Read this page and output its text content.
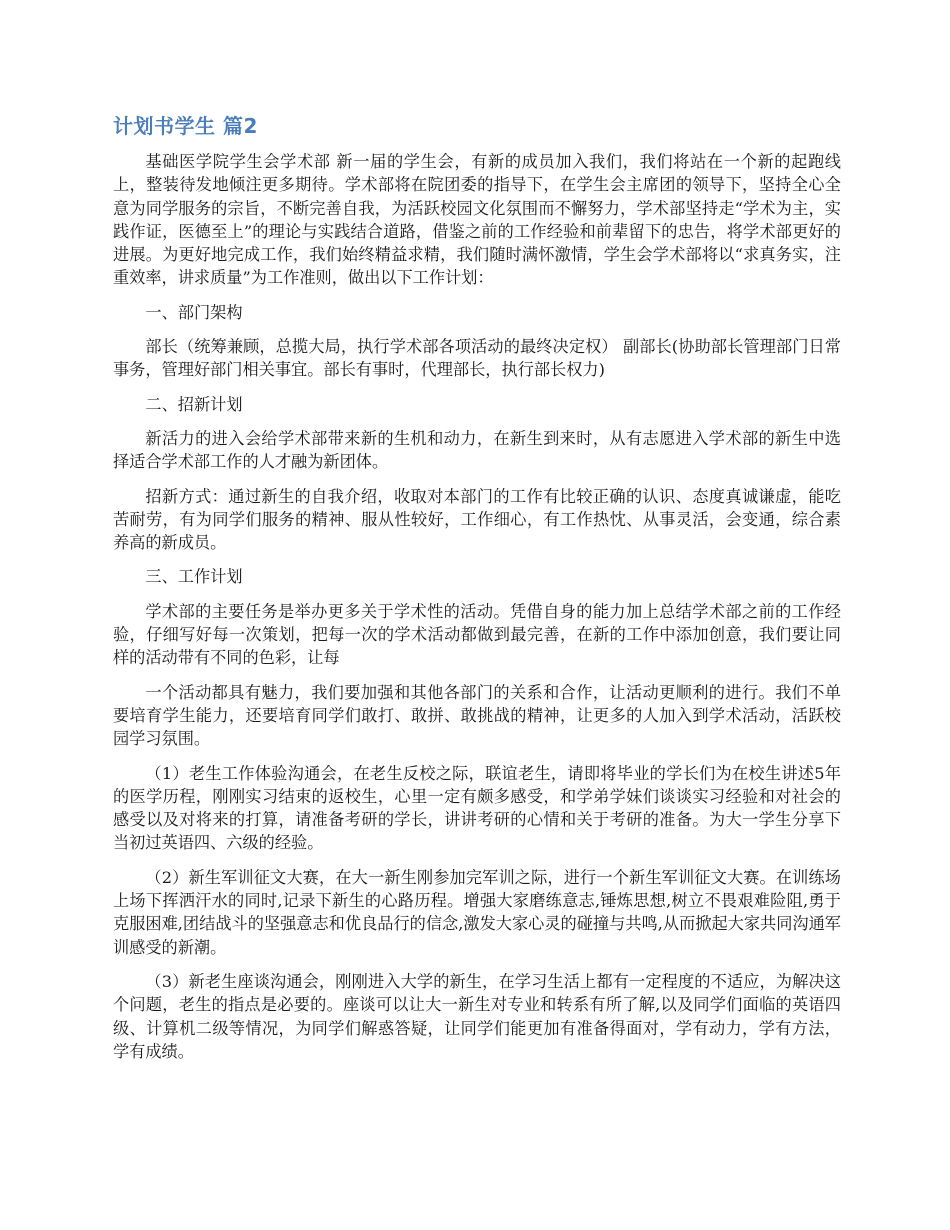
计划书学生 篇2

基础医学院学生会学术部 新一届的学生会，有新的成员加入我们，我们将站在一个新的起跑线上，整装待发地倾注更多期待。学术部将在院团委的指导下，在学生会主席团的领导下，坚持全心全意为同学服务的宗旨，不断完善自我，为活跃校园文化氛围而不懈努力，学术部坚持走“学术为主，实践作证，医德至上”的理论与实践结合道路，借鉴之前的工作经验和前辈留下的忠告，将学术部更好的进展。为更好地完成工作，我们始终精益求精，我们随时满怀激情，学生会学术部将以“求真务实，注重效率，讲求质量”为工作准则，做出以下工作计划：

一、部门架构

部长（统筹兼顾，总揽大局，执行学术部各项活动的最终决定权） 副部长(协助部长管理部门日常事务，管理好部门相关事宜。部长有事时，代理部长，执行部长权力)

二、招新计划

新活力的进入会给学术部带来新的生机和动力，在新生到来时，从有志愿进入学术部的新生中选择适合学术部工作的人才融为新团体。

招新方式：通过新生的自我介绍，收取对本部门的工作有比较正确的认识、态度真诚谦虚，能吃苦耐劳，有为同学们服务的精神、服从性较好，工作细心，有工作热忱、从事灵活，会变通，综合素养高的新成员。

三、工作计划

学术部的主要任务是举办更多关于学术性的活动。凭借自身的能力加上总结学术部之前的工作经验，仔细写好每一次策划，把每一次的学术活动都做到最完善，在新的工作中添加创意，我们要让同样的活动带有不同的色彩，让每

一个活动都具有魅力，我们要加强和其他各部门的关系和合作，让活动更顺利的进行。我们不单要培育学生能力，还要培育同学们敢打、敢拼、敢挑战的精神，让更多的人加入到学术活动，活跃校园学习氛围。

（1）老生工作体验沟通会，在老生反校之际，联谊老生，请即将毕业的学长们为在校生讲述5年的医学历程，刚刚实习结束的返校生，心里一定有颇多感受，和学弟学妹们谈谈实习经验和对社会的感受以及对将来的打算，请准备考研的学长，讲讲考研的心情和关于考研的准备。为大一学生分享下当初过英语四、六级的经验。

（2）新生军训征文大赛，在大一新生刚参加完军训之际，进行一个新生军训征文大赛。在训练场上场下挥洒汗水的同时,记录下新生的心路历程。增强大家磨练意志,锤炼思想,树立不畏艰难险阻,勇于克服困难,团结战斗的坚强意志和优良品行的信念,激发大家心灵的碰撞与共鸣,从而掀起大家共同沟通军训感受的新潮。

（3）新老生座谈沟通会，刚刚进入大学的新生，在学习生活上都有一定程度的不适应，为解决这个问题，老生的指点是必要的。座谈可以让大一新生对专业和转系有所了解,以及同学们面临的英语四级、计算机二级等情况，为同学们解惑答疑，让同学们能更加有准备得面对，学有动力，学有方法，学有成绩。
